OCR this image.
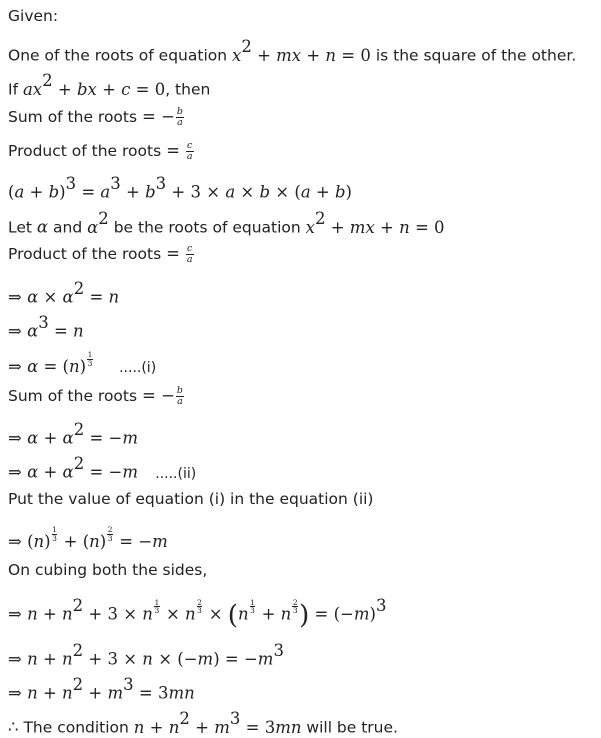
Given:
One of the roots of equation $x^2$ + mx + n = 0 is the square of the other.
If $ax^2$ + bx + c = 0, then
Sum of the roots = − $\frac{b}{a}$
Product of the roots = $\frac{c}{a}$
$(a + b)^3 = a^3 + b^3 + 3 \times a \times b \times (a + b)$
Let α and $\alpha^2$ be the roots of equation $x^2$ + mx + n = 0
Product of the roots = $\frac{c}{a}$
⇒ $\alpha \times \alpha^2 = n$
⇒ $\alpha^3 = n$
⇒ $\alpha = (n) \frac{1}{3}$
.....(i)
Sum of the roots = − $\frac{b}{a}$
⇒ $\alpha + \alpha^2 = -m$
⇒ $\alpha + \alpha^2 = -m$ .....(ii)
Put the value of equation (i) in the equation (ii)
⇒ $(n) \frac{1}{3} + (n) \frac{2}{3} = -m$
On cubing both the sides,
⇒ $n + n^2 + 3 \times n \frac{1}{3} \times n \frac{2}{3} \times (n \frac{1}{3} + n \frac{2}{3}$ ) = $(-m)^3$
⇒ $n + n^2 + 3 \times n \times (-m) = -m^3$
⇒ $n + n^2 + m^3 = 3mn$
∴ The condition $n + n^2 + m^3 = 3mn$ will be true.
